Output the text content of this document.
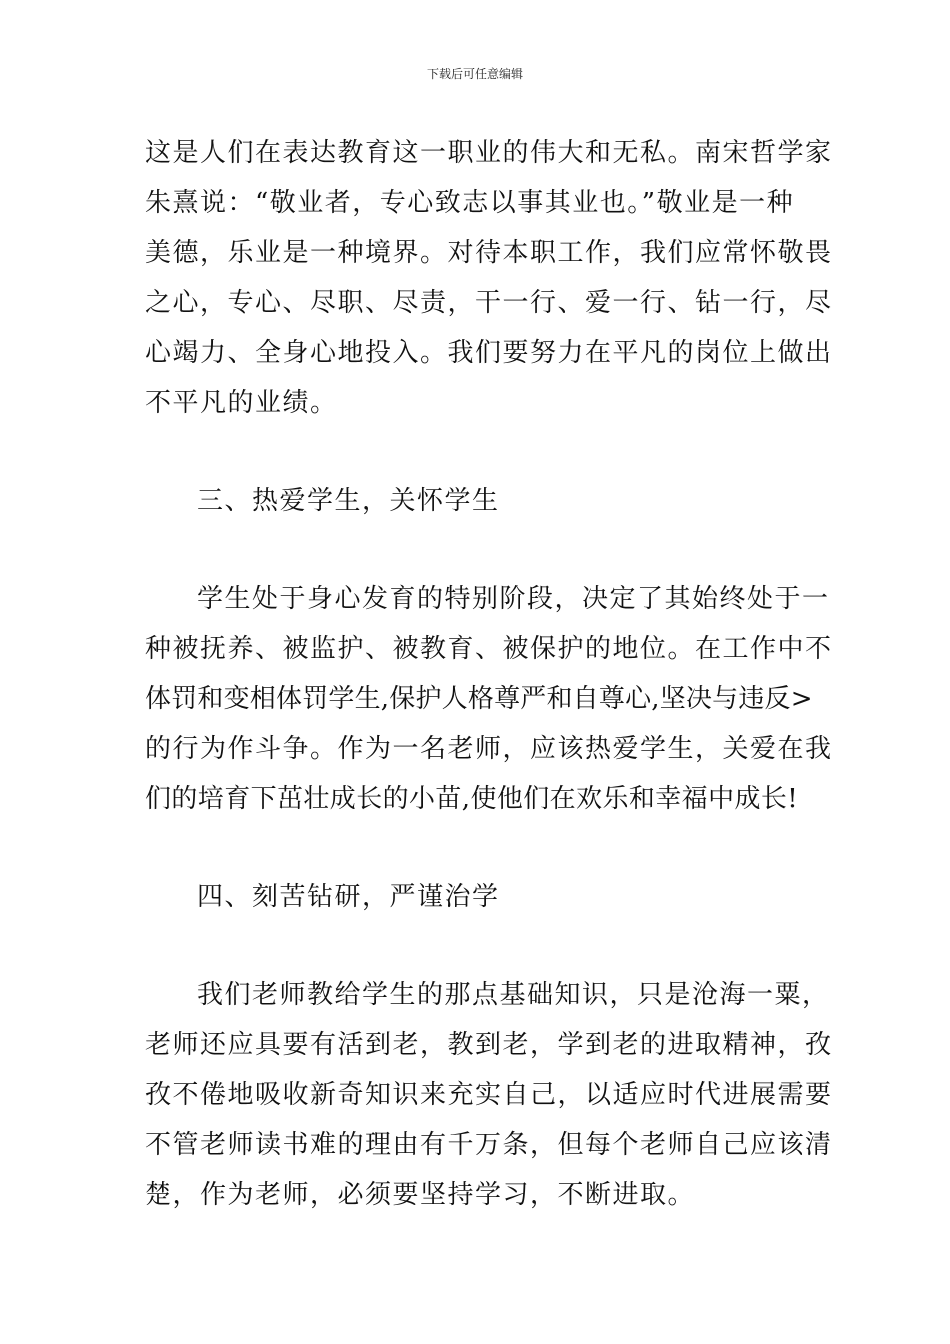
下载后可任意编辑
这是人们在表达教育这一职业的伟大和无私。南宋哲学家
朱熹说：“敬业者，专心致志以事其业也。”敬业是一种
美德，乐业是一种境界。对待本职工作，我们应常怀敬畏
之心，专心、尽职、尽责，干一行、爱一行、钻一行，尽
心竭力、全身心地投入。我们要努力在平凡的岗位上做出
不平凡的业绩。
三、热爱学生，关怀学生
学生处于身心发育的特别阶段，决定了其始终处于一
种被抚养、被监护、被教育、被保护的地位。在工作中不
体罚和变相体罚学生,保护人格尊严和自尊心,坚决与违反>
的行为作斗争。作为一名老师，应该热爱学生，关爱在我
们的培育下茁壮成长的小苗,使他们在欢乐和幸福中成长!
四、刻苦钻研，严谨治学
我们老师教给学生的那点基础知识，只是沧海一粟，
老师还应具要有活到老，教到老，学到老的进取精神，孜
孜不倦地吸收新奇知识来充实自己，以适应时代进展需要
不管老师读书难的理由有千万条，但每个老师自己应该清
楚，作为老师，必须要坚持学习，不断进取。
